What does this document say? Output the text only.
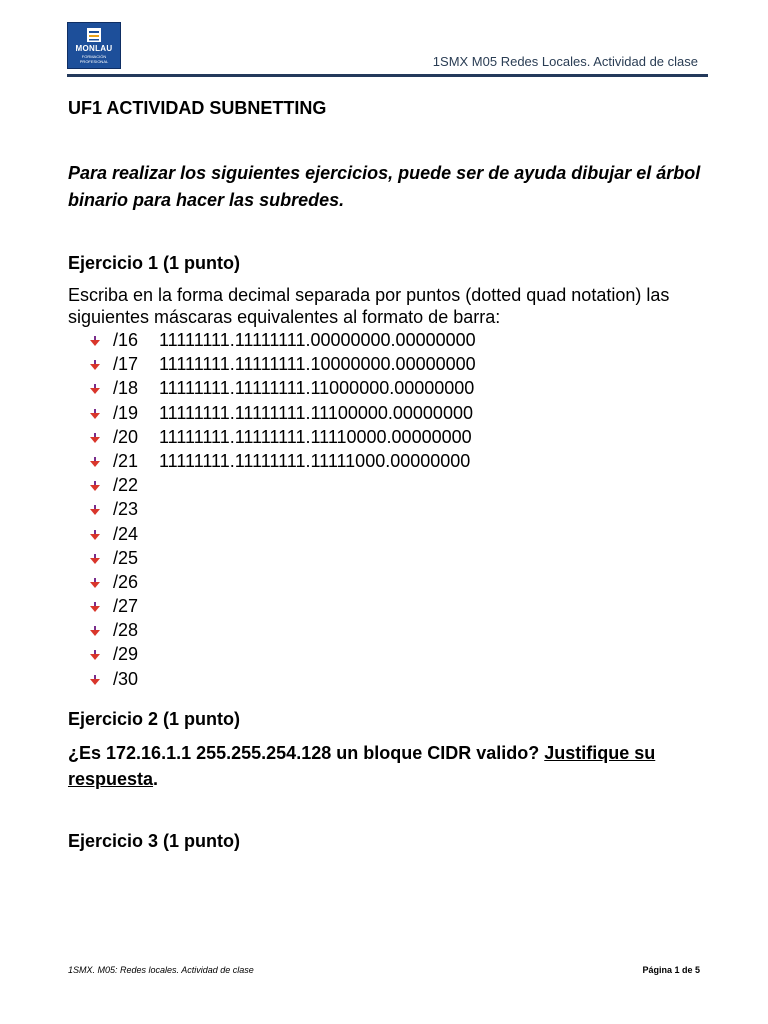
MONLAU
FORMACIÓN
PROFESIONAL	1SMX M05 Redes Locales. Actividad de clase
UF1 ACTIVIDAD SUBNETTING
Para realizar los siguientes ejercicios, puede ser de ayuda dibujar el árbol binario para hacer las subredes.
Ejercicio 1 (1 punto)
Escriba en la forma decimal separada por puntos (dotted quad notation) las siguientes máscaras equivalentes al formato de barra:
/16 11111111.11111111.00000000.00000000
/17 11111111.11111111.10000000.00000000
/18 11111111.11111111.11000000.00000000
/19 11111111.11111111.11100000.00000000
/20 11111111.11111111.11110000.00000000
/21 11111111.11111111.11111000.00000000
/22
/23
/24
/25
/26
/27
/28
/29
/30
Ejercicio 2 (1 punto)
¿Es 172.16.1.1 255.255.254.128 un bloque CIDR valido? Justifique su respuesta.
Ejercicio 3 (1 punto)
1SMX. M05: Redes locales. Actividad de clase	Página 1 de 5
